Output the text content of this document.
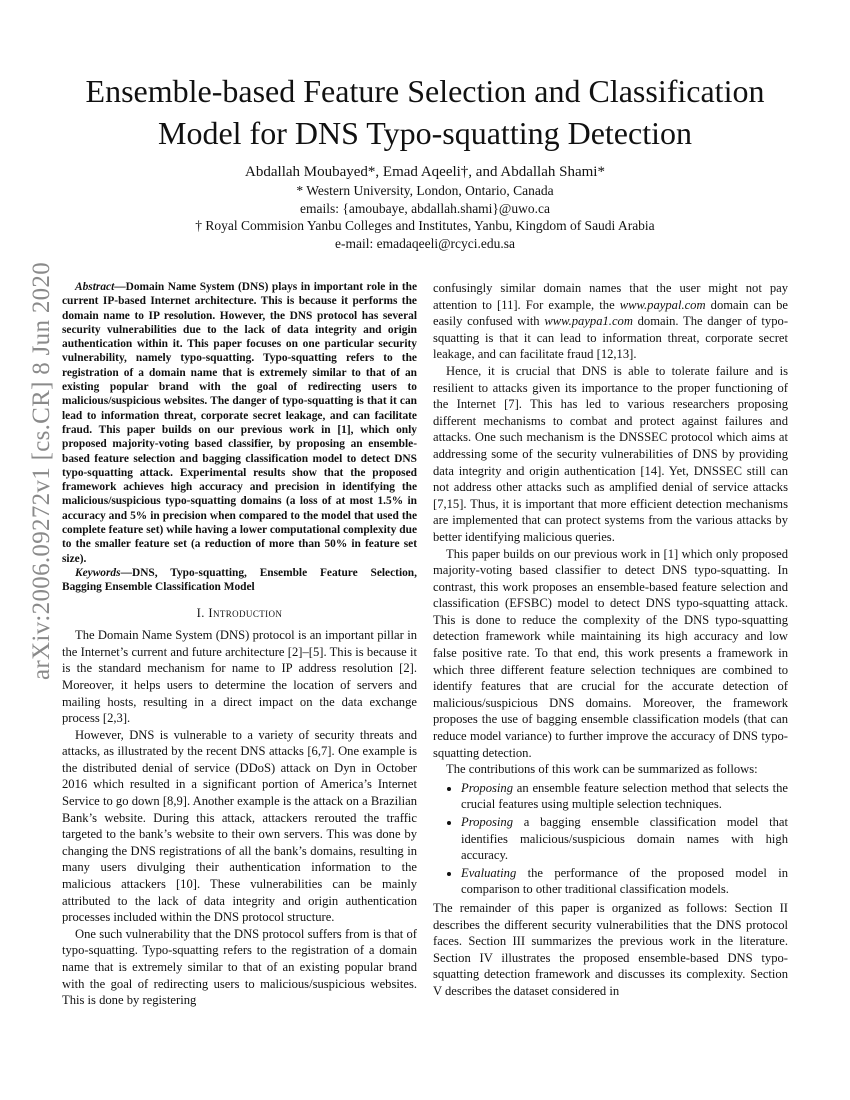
arXiv:2006.09272v1 [cs.CR] 8 Jun 2020
Ensemble-based Feature Selection and Classification
Model for DNS Typo-squatting Detection
Abdallah Moubayed*, Emad Aqeeli†, and Abdallah Shami*
* Western University, London, Ontario, Canada
emails: {amoubaye, abdallah.shami}@uwo.ca
† Royal Commision Yanbu Colleges and Institutes, Yanbu, Kingdom of Saudi Arabia
e-mail: emadaqeeli@rcyci.edu.sa
Abstract—Domain Name System (DNS) plays in important role in the current IP-based Internet architecture. This is because it performs the domain name to IP resolution. However, the DNS protocol has several security vulnerabilities due to the lack of data integrity and origin authentication within it. This paper focuses on one particular security vulnerability, namely typo-squatting. Typo-squatting refers to the registration of a domain name that is extremely similar to that of an existing popular brand with the goal of redirecting users to malicious/suspicious websites. The danger of typo-squatting is that it can lead to information threat, corporate secret leakage, and can facilitate fraud. This paper builds on our previous work in [1], which only proposed majority-voting based classifier, by proposing an ensemble-based feature selection and bagging classification model to detect DNS typo-squatting attack. Experimental results show that the proposed framework achieves high accuracy and precision in identifying the malicious/suspicious typo-squatting domains (a loss of at most 1.5% in accuracy and 5% in precision when compared to the model that used the complete feature set) while having a lower computational complexity due to the smaller feature set (a reduction of more than 50% in feature set size).
Keywords—DNS, Typo-squatting, Ensemble Feature Selection, Bagging Ensemble Classification Model
I. Introduction

The Domain Name System (DNS) protocol is an important pillar in the Internet’s current and future architecture [2]–[5]. This is because it is the standard mechanism for name to IP address resolution [2]. Moreover, it helps users to determine the location of servers and mailing hosts, resulting in a direct impact on the data exchange process [2,3].

However, DNS is vulnerable to a variety of security threats and attacks, as illustrated by the recent DNS attacks [6,7]. One example is the distributed denial of service (DDoS) attack on Dyn in October 2016 which resulted in a significant portion of America’s Internet Service to go down [8,9]. Another example is the attack on a Brazilian Bank’s website. During this attack, attackers rerouted the traffic targeted to the bank’s website to their own servers. This was done by changing the DNS registrations of all the bank’s domains, resulting in many users divulging their authentication information to the malicious attackers [10]. These vulnerabilities can be mainly attributed to the lack of data integrity and origin authentication processes included within the DNS protocol structure.

One such vulnerability that the DNS protocol suffers from is that of typo-squatting. Typo-squatting refers to the registration of a domain name that is extremely similar to that of an existing popular brand with the goal of redirecting users to malicious/suspicious websites. This is done by registering

confusingly similar domain names that the user might not pay attention to [11]. For example, the www.paypal.com domain can be easily confused with www.paypa1.com domain. The danger of typo-squatting is that it can lead to information threat, corporate secret leakage, and can facilitate fraud [12,13].

Hence, it is crucial that DNS is able to tolerate failure and is resilient to attacks given its importance to the proper functioning of the Internet [7]. This has led to various researchers proposing different mechanisms to combat and protect against failures and attacks. One such mechanism is the DNSSEC protocol which aims at addressing some of the security vulnerabilities of DNS by providing data integrity and origin authentication [14]. Yet, DNSSEC still can not address other attacks such as amplified denial of service attacks [7,15]. Thus, it is important that more efficient detection mechanisms are implemented that can protect systems from the various attacks by better identifying malicious queries.

This paper builds on our previous work in [1] which only proposed majority-voting based classifier to detect DNS typo-squatting. In contrast, this work proposes an ensemble-based feature selection and classification (EFSBC) model to detect DNS typo-squatting attack. This is done to reduce the complexity of the DNS typo-squatting detection framework while maintaining its high accuracy and low false positive rate. To that end, this work presents a framework in which three different feature selection techniques are combined to identify features that are crucial for the accurate detection of malicious/suspicious DNS domains. Moreover, the framework proposes the use of bagging ensemble classification models (that can reduce model variance) to further improve the accuracy of DNS typo-squatting detection.

The contributions of this work can be summarized as follows:

• Proposing an ensemble feature selection method that selects the crucial features using multiple selection techniques.
• Proposing a bagging ensemble classification model that identifies malicious/suspicious domain names with high accuracy.
• Evaluating the performance of the proposed model in comparison to other traditional classification models.

The remainder of this paper is organized as follows: Section II describes the different security vulnerabilities that the DNS protocol faces. Section III summarizes the previous work in the literature. Section IV illustrates the proposed ensemble-based DNS typo-squatting detection framework and discusses its complexity. Section V describes the dataset considered in
